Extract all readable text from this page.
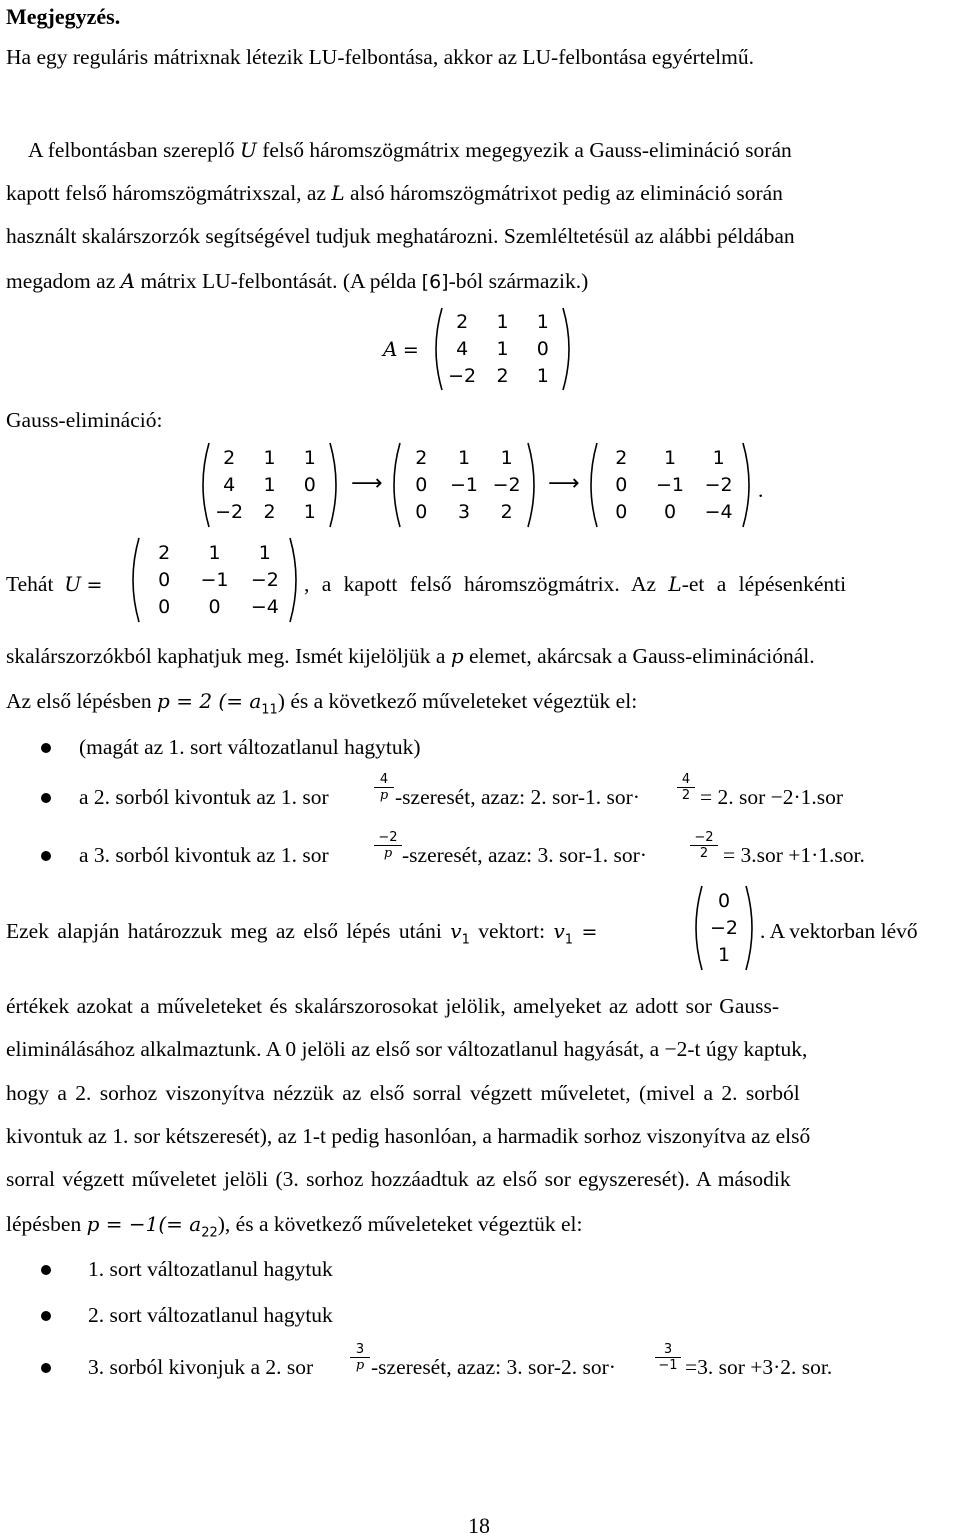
Megjegyzés.
Ha egy reguláris mátrixnak létezik LU-felbontása, akkor az LU-felbontása egyértelmű.
A felbontásban szereplő U felső háromszögmátrix megegyezik a Gauss-elimináció során
kapott felső háromszögmátrixszal, az L alsó háromszögmátrixot pedig az elimináció során
használt skalárszorzók segítségével tudjuk meghatározni. Szemléltetésül az alábbi példában
megadom az A mátrix LU-felbontását. (A példa [6]-ból származik.)
A =
2	1	1
4	1	0
−2	2	1
Gauss-elimináció:
2	1	1
4	1	0
−2	2	1
⟶
2	1	1
0	−1 −2
0	3	2
⟶
2	1	1
0	−1	−2
0	0	−4
.
Tehát U =
2	1	1
0	−1	−2
0	0	−4
, a kapott felső háromszögmátrix. Az L-et a lépésenkénti
skalárszorzókból kaphatjuk meg. Ismét kijelöljük a p elemet, akárcsak a Gauss-eliminációnál.
Az első lépésben p = 2 (= $a_{11}$) és a következő műveleteket végeztük el:
(magát az 1. sort változatlanul hagytuk)
a 2. sorból kivontuk az 1. sor
4
p -szeresét, azaz: 2. sor-1. sor·
4
2 = 2. sor −2·1.sor
a 3. sorból kivontuk az 1. sor
−2
p -szeresét, azaz: 3. sor-1. sor·
−2
2 = 3.sor +1·1.sor.
Ezek alapján határozzuk meg az első lépés utáni $v_1$ vektort: $v_1$ =
0
−2
1
. A vektorban lévő
értékek azokat a műveleteket és skalárszorosokat jelölik, amelyeket az adott sor Gauss-
eliminálásához alkalmaztunk. A 0 jelöli az első sor változatlanul hagyását, a −2-t úgy kaptuk,
hogy a 2. sorhoz viszonyítva nézzük az első sorral végzett műveletet, (mivel a 2. sorból
kivontuk az 1. sor kétszeresét), az 1-t pedig hasonlóan, a harmadik sorhoz viszonyítva az első
sorral végzett műveletet jelöli (3. sorhoz hozzáadtuk az első sor egyszeresét). A második
lépésben $p = -1(= a_{22})$, és a következő műveleteket végeztük el:
1. sort változatlanul hagytuk
2. sort változatlanul hagytuk
3. sorból kivonjuk a 2. sor
3
p -szeresét, azaz: 3. sor-2. sor·
3
−1 =3. sor +3·2. sor.
18
